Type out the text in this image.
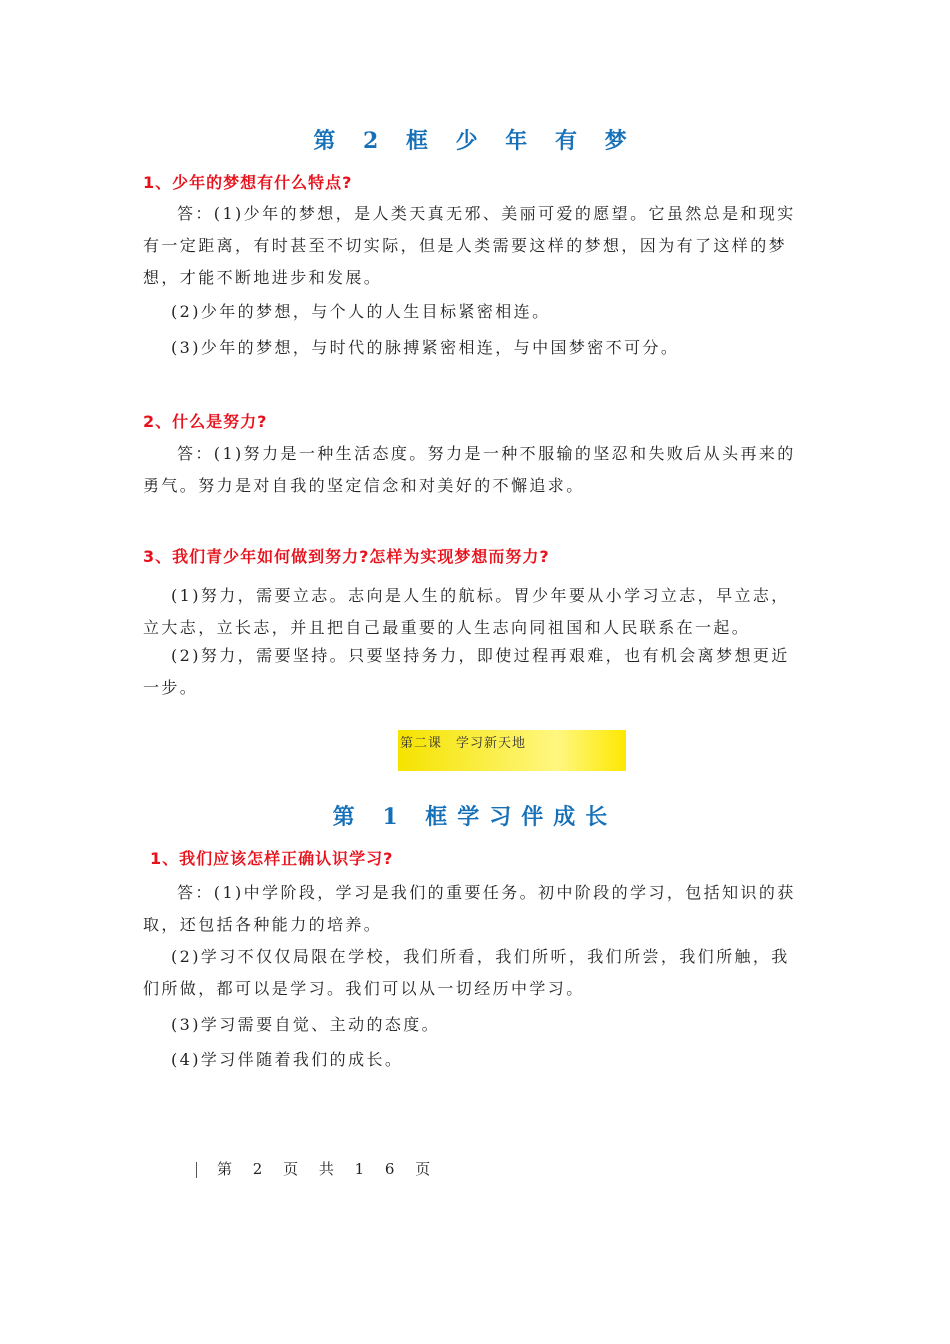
第 2 框 少 年 有 梦
1、少年的梦想有什么特点?
答：(1)少年的梦想，是人类天真无邪、美丽可爱的愿望。它虽然总是和现实有一定距离，有时甚至不切实际，但是人类需要这样的梦想，因为有了这样的梦想，才能不断地进步和发展。
(2)少年的梦想，与个人的人生目标紧密相连。
(3)少年的梦想，与时代的脉搏紧密相连，与中国梦密不可分。
2、什么是努力?
答：(1)努力是一种生活态度。努力是一种不服输的坚忍和失败后从头再来的勇气。努力是对自我的坚定信念和对美好的不懈追求。
3、我们青少年如何做到努力?怎样为实现梦想而努力?
(1)努力，需要立志。志向是人生的航标。胃少年要从小学习立志，早立志，立大志，立长志，并且把自己最重要的人生志向同祖国和人民联系在一起。
(2)努力，需要坚持。只要坚持务力，即使过程再艰难，也有机会离梦想更近一步。
第二课　学习新天地
第 1 框学习伴成长
1、我们应该怎样正确认识学习?
答：(1)中学阶段，学习是我们的重要任务。初中阶段的学习，包括知识的获取，还包括各种能力的培养。
(2)学习不仅仅局限在学校，我们所看，我们所听，我们所尝，我们所触，我们所做，都可以是学习。我们可以从一切经历中学习。
(3)学习需要自觉、主动的态度。
(4)学习伴随着我们的成长。
第 2 页 共 1 6 页
